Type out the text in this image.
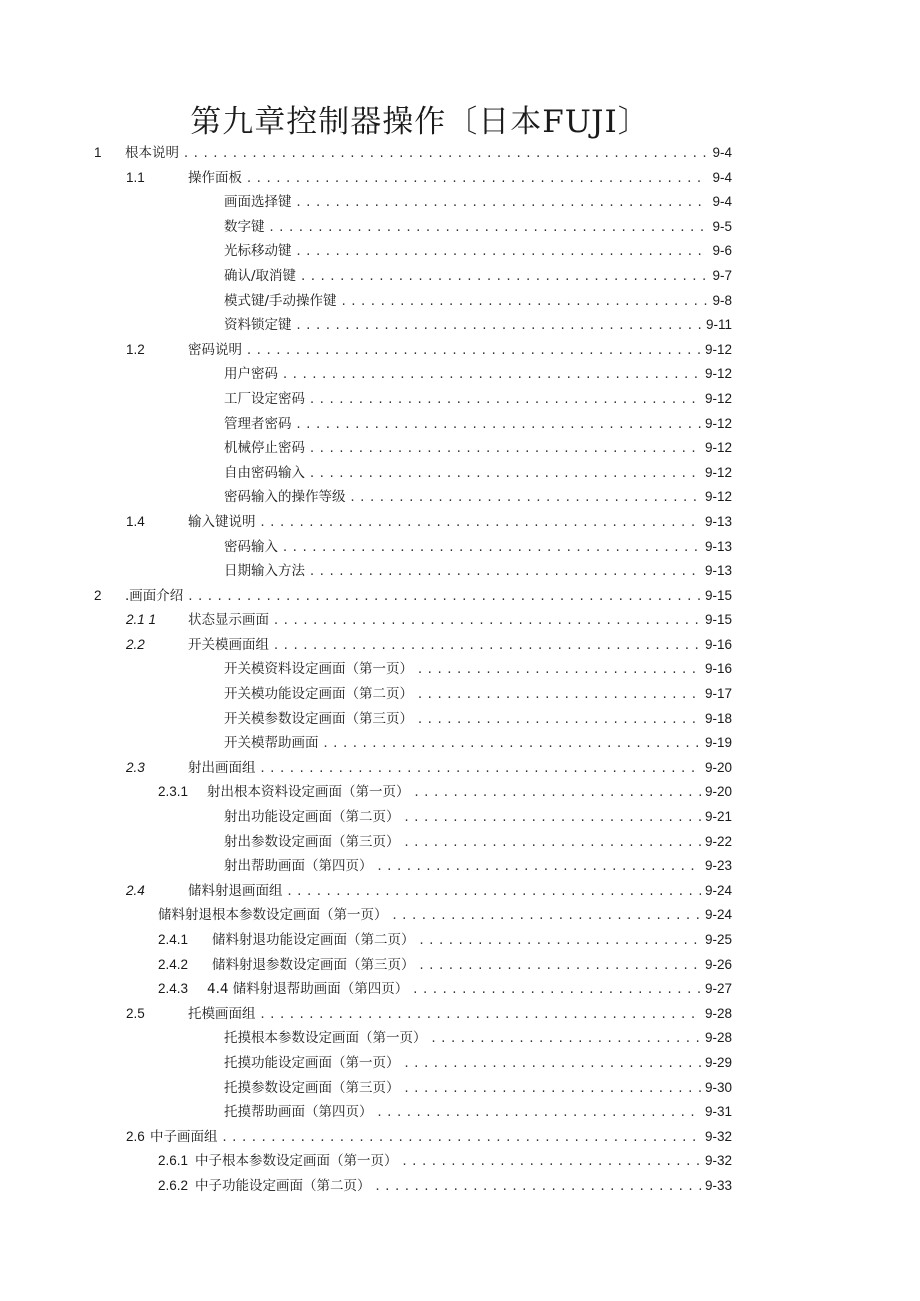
第九章控制器操作〔日本FUJI〕
1 根本说明 . . .	9-4
1.1	操作面板 . . .	9-4
画面选择键 . . .	9-4
数字键 . . .	9-5
光标移动键 . . .	9-6
确认/取消键 . . .	9-7
模式键/手动操作键 . . .	9-8
资料锁定键 . . .	9-11
1.2	密码说明 . . .	9-12
用户密码 . . .	9-12
工厂设定密码 . . .	9-12
管理者密码 . . .	9-12
机械停止密码 . . .	9-12
自由密码输入 . . .	9-12
密码输入的操作等级 . . .	9-12
1.4	输入键说明 . . .	9-13
密码输入 . . .	9-13
日期输入方法 . . .	9-13
2 .画面介绍 . . .	9-15
2.1 1 状态显示画面 . . .	9-15
2.2	开关模画面组 . . .	9-16
开关模资料设定画面（第一页） . . .	9-16
开关模功能设定画面（第二页） . . .	9-17
开关模参数设定画面（第三页） . . .	9-18
开关模帮助画面 . . .	9-19
2.3	射出画面组 . . .	9-20
2.3.1 射出根本资料设定画面（第一页） . . .	9-20
射出功能设定画面（第二页） . . .	9-21
射出参数设定画面（第三页） . . .	9-22
射出帮助画面（第四页） . . .	9-23
2.4	储料射退画面组 . . .	9-24
储料射退根本参数设定画面（第一页） . . .	9-24
2.4.1 储料射退功能设定画面（第二页） . . .	9-25
2.4.2 储料射退参数设定画面（第三页） . . .	9-26
2.4.3 4.4 储料射退帮助画面（第四页） . . .	9-27
2.5	托模画面组 . . .	9-28
托摸根本参数设定画面（第一页） . . .	9-28
托摸功能设定画面（第一页） . . .	9-29
托摸参数设定画面（第三页） . . .	9-30
托摸帮助画面（第四页） . . .	9-31
2.6 中子画面组 . . .	9-32
2.6.1 中子根本参数设定画面（第一页） . . .	9-32
2.6.2 中子功能设定画面（第二页） . . .	9-33
